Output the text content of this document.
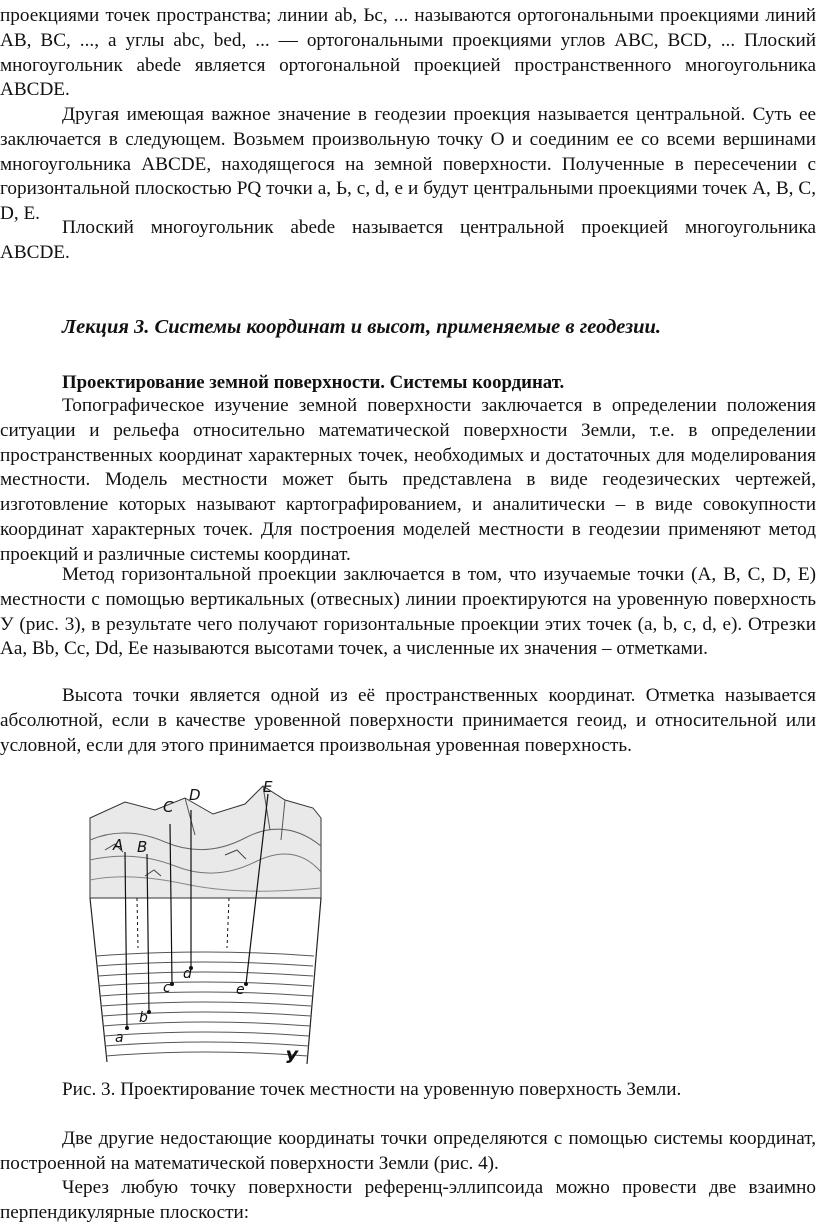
проекциями точек пространства; линии ab, Ьс, ... называются ортогональными проекциями линий AB, BC, ..., а углы abc, bed, ... — ортогональными проекциями углов ABC, BCD, ... Плоский многоугольник abede является ортогональной проекцией пространственного многоугольника ABCDE.

Другая имеющая важное значение в геодезии проекция называется центральной. Суть ее заключается в следующем. Возьмем произвольную точку O и соединим ее со всеми вершинами многоугольника ABCDE, находящегося на земной поверхности. Полученные в пересечении с горизонтальной плоскостью PQ точки а, Ь, c, d, e и будут центральными проекциями точек A, B, C, D, E.

Плоский многоугольник abede называется центральной проекцией многоугольника ABCDE.

Лекция 3. Системы координат и высот, применяемые в геодезии.
Проектирование земной поверхности. Системы координат.

Топографическое изучение земной поверхности заключается в определении положения ситуации и рельефа относительно математической поверхности Земли, т.е. в определении пространственных координат характерных точек, необходимых и достаточных для моделирования местности. Модель местности может быть представлена в виде геодезических чертежей, изготовление которых называют картографированием, и аналитически – в виде совокупности координат характерных точек. Для построения моделей местности в геодезии применяют метод проекций и различные системы координат.

Метод горизонтальной проекции заключается в том, что изучаемые точки (A, B, C, D, E) местности с помощью вертикальных (отвесных) линии проектируются на уровенную поверхность У (рис. 3), в результате чего получают горизонтальные проекции этих точек (a, b, c, d, e). Отрезки Aa, Bb, Cc, Dd, Ee называются высотами точек, а численные их значения – отметками.

Высота точки является одной из её пространственных координат. Отметка называется абсолютной, если в качестве уровенной поверхности принимается геоид, и относительной или условной, если для этого принимается произвольная уровенная поверхность.

A B
C
D	E
a
b
c
d
e
У

Рис. 3. Проектирование точек местности на уровенную поверхность Земли.

Две другие недостающие координаты точки определяются с помощью системы координат, построенной на математической поверхности Земли (рис. 4).

Через любую точку поверхности референц-эллипсоида можно провести две взаимно перпендикулярные плоскости:
